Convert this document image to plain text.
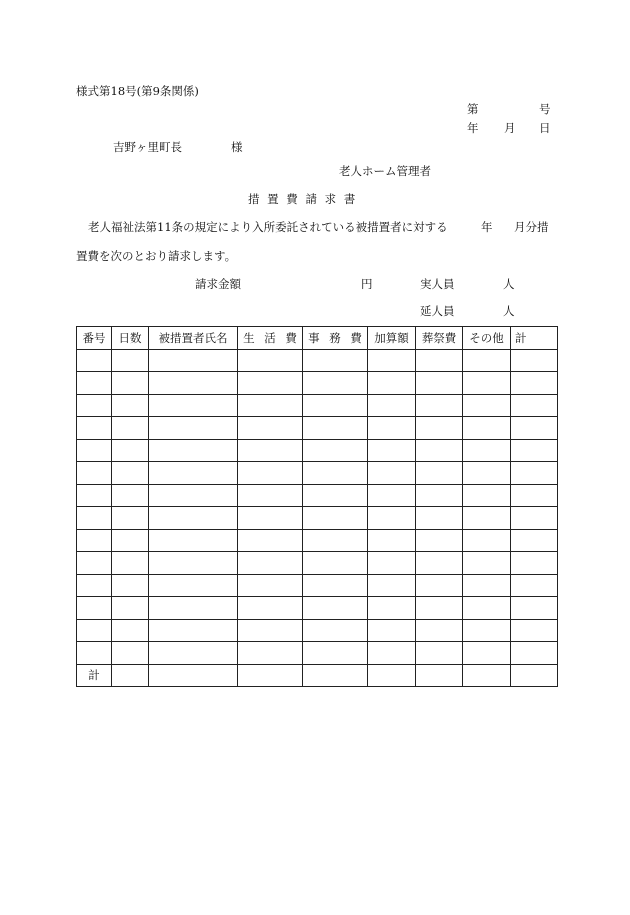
様式第18号(第9条関係)
第	号
年 月 日
吉野ヶ里町長	様
老人ホーム管理者
措 置 費 請 求 書
老人福祉法第11条の規定により入所委託されている被措置者に対する	年 月分措
置費を次のとおり請求します。
請求金額	円	実人員	人
延人員	人
番号	日数	被措置者氏名	生 活 費	事 務 費	加算額	葬祭費	その他	計

計								
